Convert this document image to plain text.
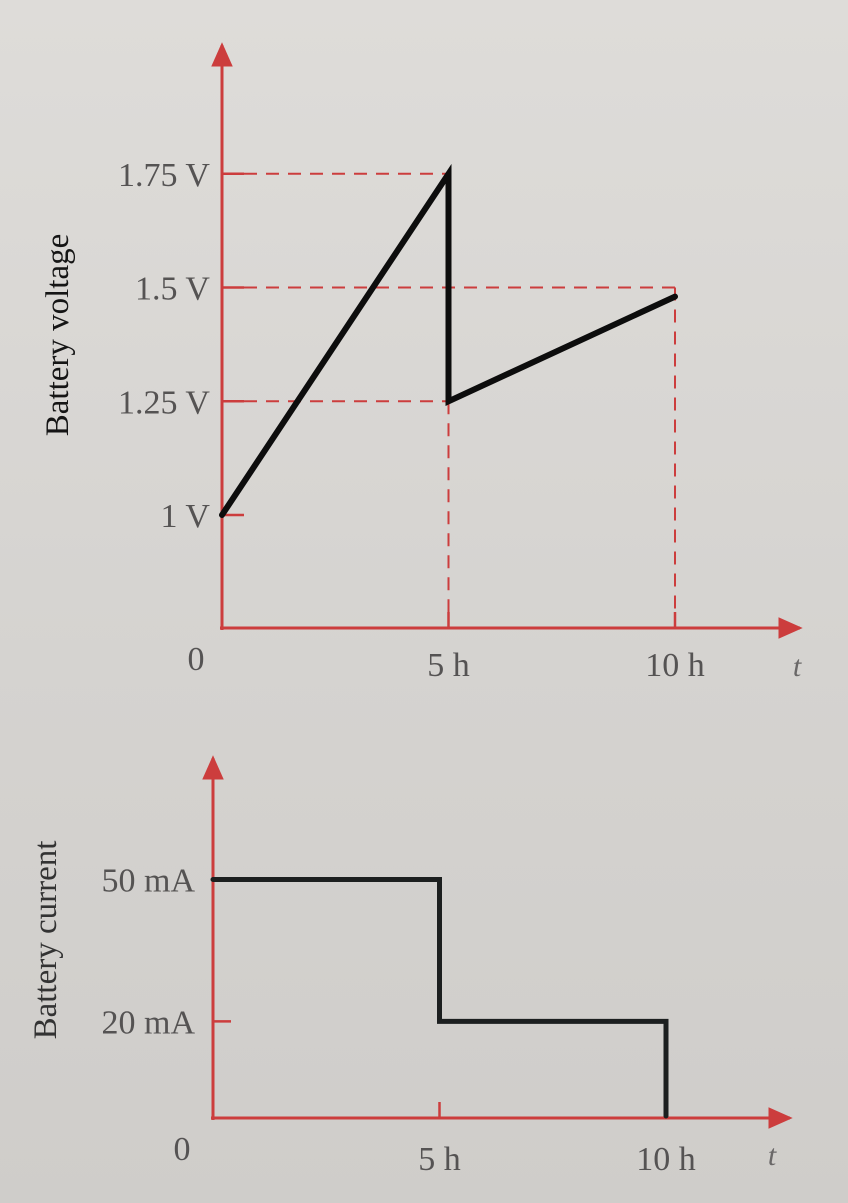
1 V
1.25 V
1.5 V
1.75 V
5 h	10 h
0	t
Battery voltage
20 mA
50 mA
5 h	10 h
0	t
Battery current
